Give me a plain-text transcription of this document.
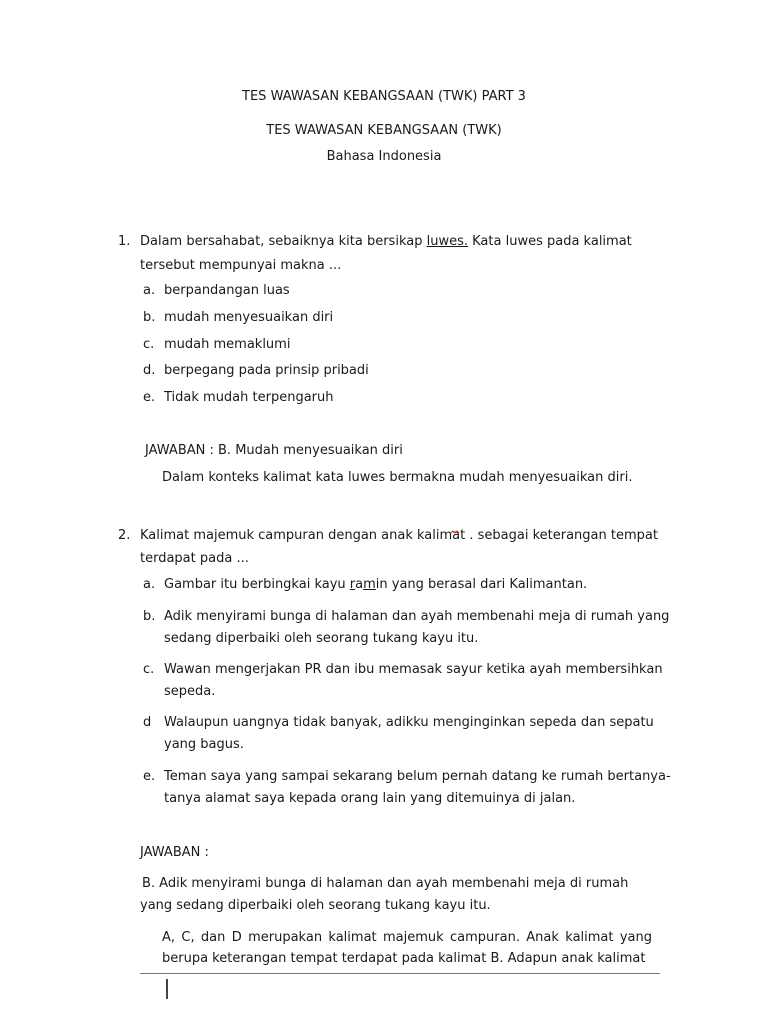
TES WAWASAN KEBANGSAAN (TWK) PART 3
TES WAWASAN KEBANGSAAN (TWK)
Bahasa Indonesia
1. Dalam bersahabat, sebaiknya kita bersikap luwes. Kata luwes pada kalimat
tersebut mempunyai makna ...
a. berpandangan luas
b. mudah menyesuaikan diri
c. mudah memaklumi
d. berpegang pada prinsip pribadi
e. Tidak mudah terpengaruh
JAWABAN : B. Mudah menyesuaikan diri
Dalam konteks kalimat kata luwes bermakna mudah menyesuaikan diri.
2. Kalimat majemuk campuran dengan anak kalimat . sebagai keterangan tempat
terdapat pada ...
a. Gambar itu berbingkai kayu ramin yang berasal dari Kalimantan.
b. Adik menyirami bunga di halaman dan ayah membenahi meja di rumah yang
sedang diperbaiki oleh seorang tukang kayu itu.
c. Wawan mengerjakan PR dan ibu memasak sayur ketika ayah membersihkan
sepeda.
d Walaupun uangnya tidak banyak, adikku menginginkan sepeda dan sepatu
yang bagus.
e. Teman saya yang sampai sekarang belum pernah datang ke rumah bertanya-
tanya alamat saya kepada orang lain yang ditemuinya di jalan.
JAWABAN :
B. Adik menyirami bunga di halaman dan ayah membenahi meja di rumah
yang sedang diperbaiki oleh seorang tukang kayu itu.
A, C, dan D merupakan kalimat majemuk campuran. Anak kalimat yang
berupa keterangan tempat terdapat pada kalimat B. Adapun anak kalimat
